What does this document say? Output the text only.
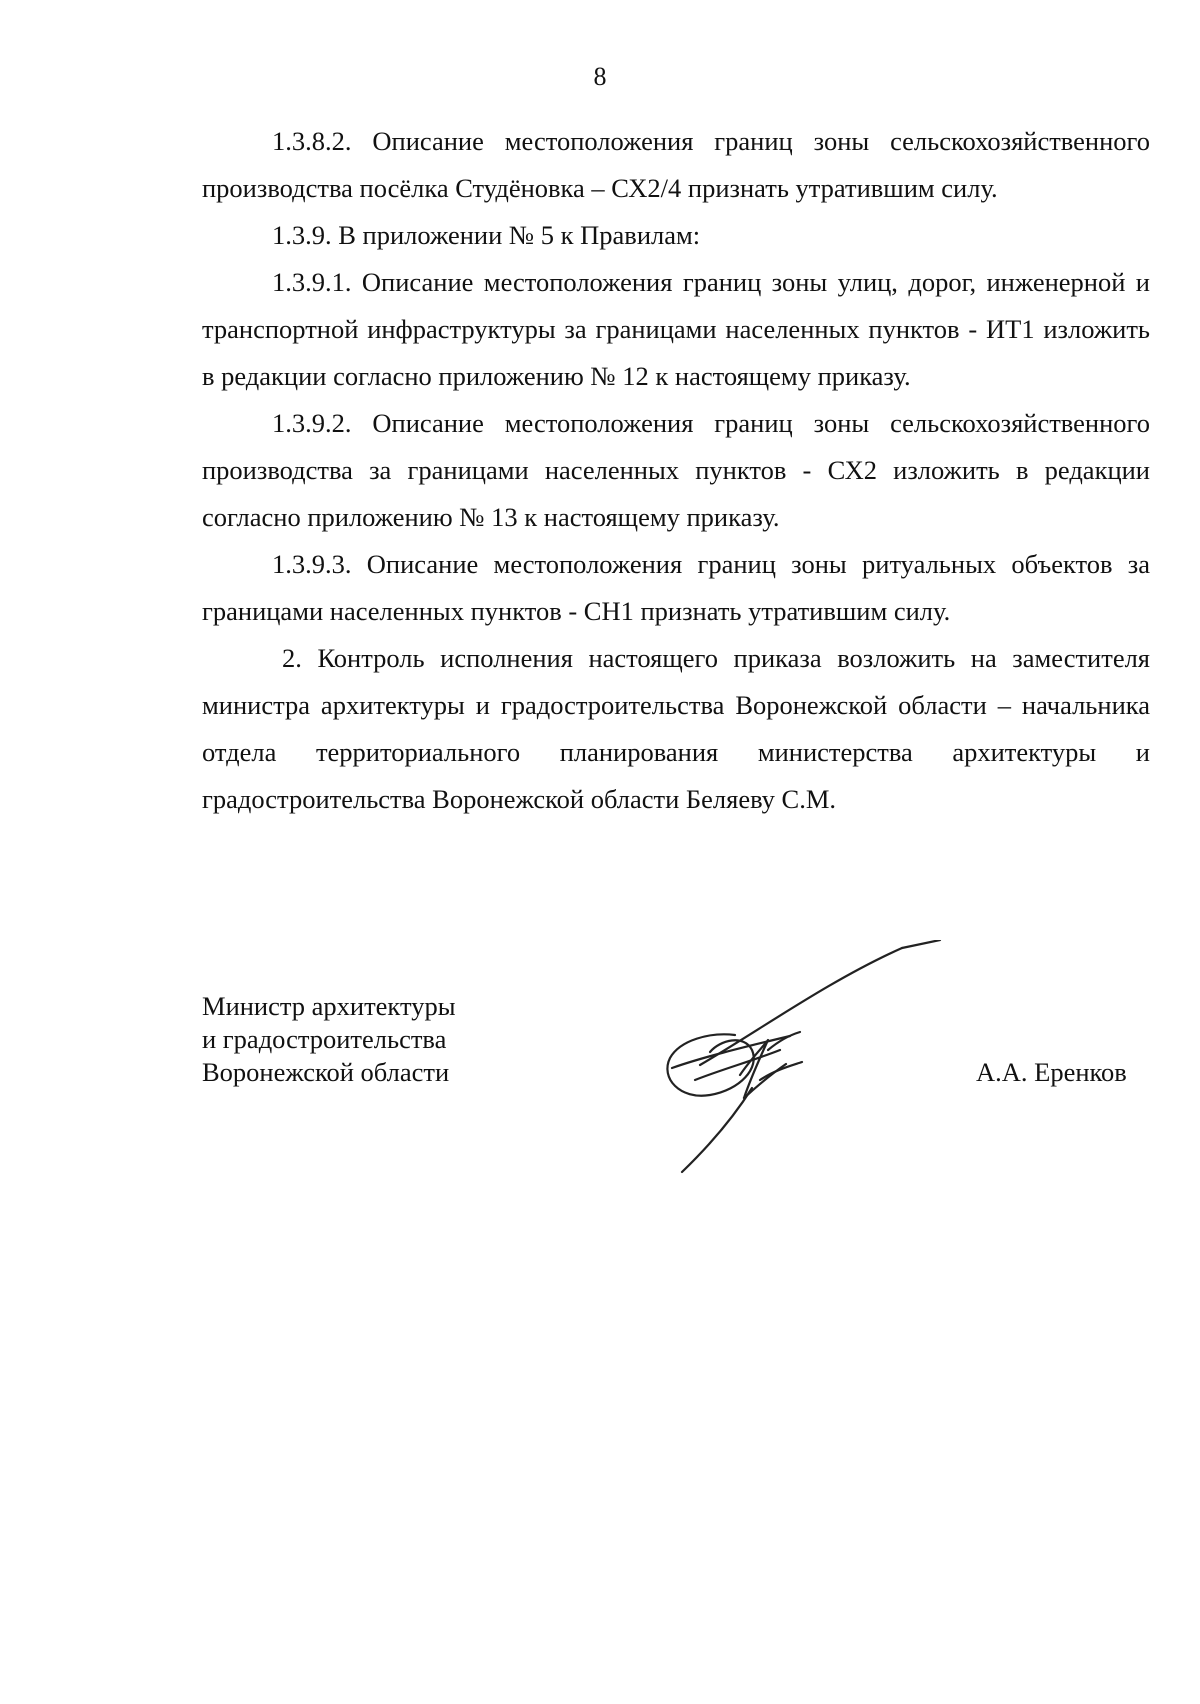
8

1.3.8.2. Описание местоположения границ зоны сельскохозяйственного производства посёлка Студёновка – СХ2/4 признать утратившим силу.

1.3.9. В приложении № 5 к Правилам:

1.3.9.1. Описание местоположения границ зоны улиц, дорог, инженерной и транспортной инфраструктуры за границами населенных пунктов - ИТ1 изложить в редакции согласно приложению № 12 к настоящему приказу.

1.3.9.2. Описание местоположения границ зоны сельскохозяйственного производства за границами населенных пунктов - СХ2 изложить в редакции согласно приложению № 13 к настоящему приказу.

1.3.9.3. Описание местоположения границ зоны ритуальных объектов за границами населенных пунктов - СН1 признать утратившим силу.

2. Контроль исполнения настоящего приказа возложить на заместителя министра архитектуры и градостроительства Воронежской области – начальника отдела территориального планирования министерства архитектуры и градостроительства Воронежской области Беляеву С.М.

Министр архитектуры
и градостроительства
Воронежской области	А.А. Еренков
